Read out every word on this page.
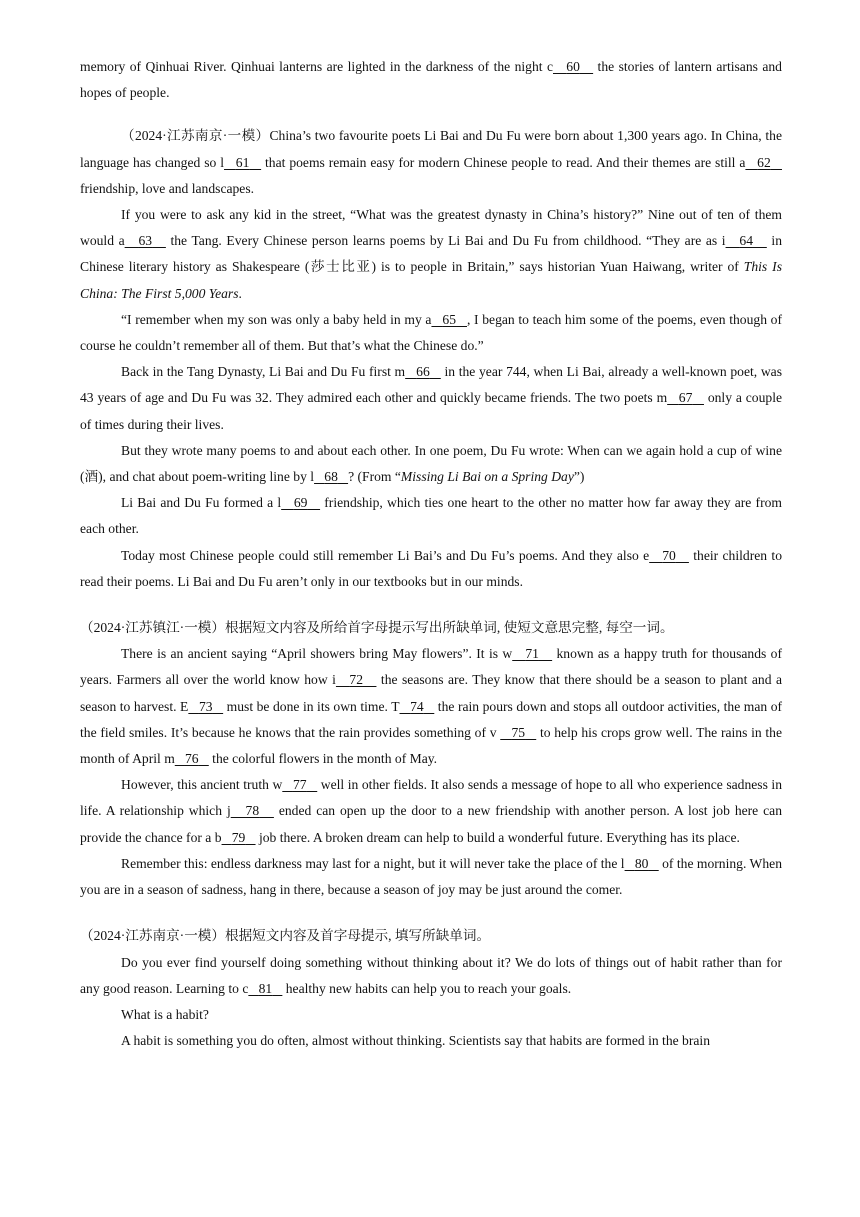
memory of Qinhuai River. Qinhuai lanterns are lighted in the darkness of the night c 60 the stories of lantern artisans and hopes of people.

（2024·江苏南京·一模）China’s two favourite poets Li Bai and Du Fu were born about 1,300 years ago. In China, the language has changed so l 61 that poems remain easy for modern Chinese people to read. And their themes are still a 62 friendship, love and landscapes.

If you were to ask any kid in the street, “What was the greatest dynasty in China’s history?” Nine out of ten of them would a 63 the Tang. Every Chinese person learns poems by Li Bai and Du Fu from childhood. “They are as i 64 in Chinese literary history as Shakespeare (莎士比亚) is to people in Britain,” says historian Yuan Haiwang, writer of This Is China: The First 5,000 Years.

“I remember when my son was only a baby held in my a 65 , I began to teach him some of the poems, even though of course he couldn’t remember all of them. But that’s what the Chinese do.”

Back in the Tang Dynasty, Li Bai and Du Fu first m 66 in the year 744, when Li Bai, already a well-known poet, was 43 years of age and Du Fu was 32. They admired each other and quickly became friends. The two poets m 67 only a couple of times during their lives.

But they wrote many poems to and about each other. In one poem, Du Fu wrote: When can we again hold a cup of wine (酒), and chat about poem-writing line by l 68 ? (From “Missing Li Bai on a Spring Day”)

Li Bai and Du Fu formed a l 69 friendship, which ties one heart to the other no matter how far away they are from each other.

Today most Chinese people could still remember Li Bai’s and Du Fu’s poems. And they also e 70 their children to read their poems. Li Bai and Du Fu aren’t only in our textbooks but in our minds.

（2024·江苏镇江·一模）根据短文内容及所给首字母提示写出所缺单词, 使短文意思完整, 每空一词。

There is an ancient saying “April showers bring May flowers”. It is w 71 known as a happy truth for thousands of years. Farmers all over the world know how i 72 the seasons are. They know that there should be a season to plant and a season to harvest. E 73 must be done in its own time. T 74 the rain pours down and stops all outdoor activities, the man of the field smiles. It’s because he knows that the rain provides something of v 75 to help his crops grow well. The rains in the month of April m 76 the colorful flowers in the month of May.

However, this ancient truth w 77 well in other fields. It also sends a message of hope to all who experience sadness in life. A relationship which j 78 ended can open up the door to a new friendship with another person. A lost job here can provide the chance for a b 79 job there. A broken dream can help to build a wonderful future. Everything has its place.

Remember this: endless darkness may last for a night, but it will never take the place of the l 80 of the morning. When you are in a season of sadness, hang in there, because a season of joy may be just around the comer.

（2024·江苏南京·一模）根据短文内容及首字母提示, 填写所缺单词。

Do you ever find yourself doing something without thinking about it? We do lots of things out of habit rather than for any good reason. Learning to c 81 healthy new habits can help you to reach your goals.

What is a habit?

A habit is something you do often, almost without thinking. Scientists say that habits are formed in the brain
